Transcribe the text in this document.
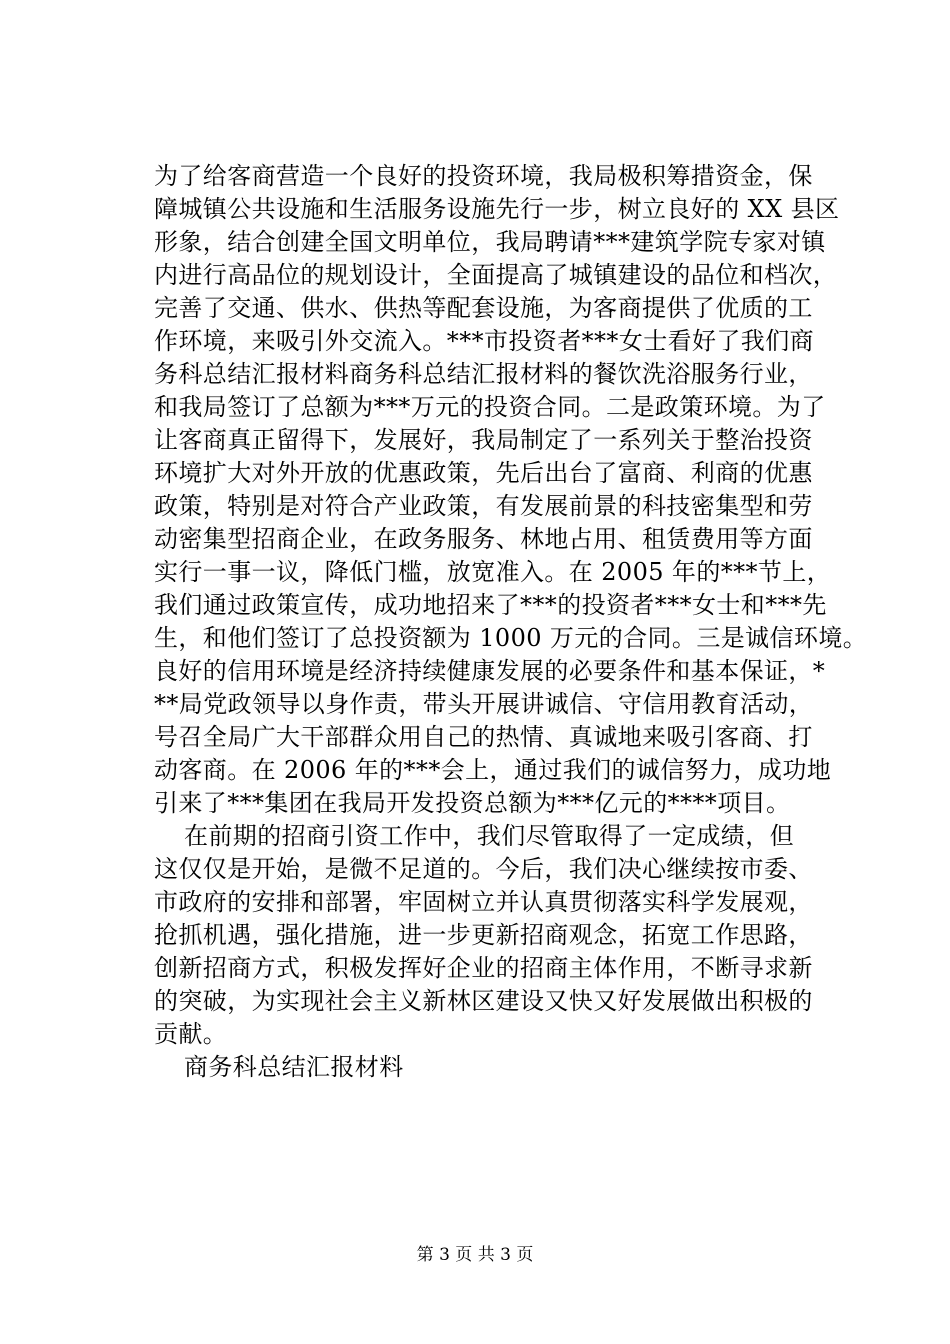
为了给客商营造一个良好的投资环境，我局极积筹措资金，保
障城镇公共设施和生活服务设施先行一步，树立良好的 XX 县区
形象，结合创建全国文明单位，我局聘请***建筑学院专家对镇
内进行高品位的规划设计，全面提高了城镇建设的品位和档次，
完善了交通、供水、供热等配套设施，为客商提供了优质的工
作环境，来吸引外交流入。***市投资者***女士看好了我们商
务科总结汇报材料商务科总结汇报材料的餐饮洗浴服务行业，
和我局签订了总额为***万元的投资合同。二是政策环境。为了
让客商真正留得下，发展好，我局制定了一系列关于整治投资
环境扩大对外开放的优惠政策，先后出台了富商、利商的优惠
政策，特别是对符合产业政策，有发展前景的科技密集型和劳
动密集型招商企业，在政务服务、林地占用、租赁费用等方面
实行一事一议，降低门槛，放宽准入。在 2005 年的***节上，
我们通过政策宣传，成功地招来了***的投资者***女士和***先
生，和他们签订了总投资额为 1000 万元的合同。三是诚信环境。
良好的信用环境是经济持续健康发展的必要条件和基本保证，*
**局党政领导以身作责，带头开展讲诚信、守信用教育活动，
号召全局广大干部群众用自己的热情、真诚地来吸引客商、打
动客商。在 2006 年的***会上，通过我们的诚信努力，成功地
引来了***集团在我局开发投资总额为***亿元的****项目。
在前期的招商引资工作中，我们尽管取得了一定成绩，但
这仅仅是开始，是微不足道的。今后，我们决心继续按市委、
市政府的安排和部署，牢固树立并认真贯彻落实科学发展观，
抢抓机遇，强化措施，进一步更新招商观念，拓宽工作思路，
创新招商方式，积极发挥好企业的招商主体作用，不断寻求新
的突破，为实现社会主义新林区建设又快又好发展做出积极的
贡献。
商务科总结汇报材料
第 3 页 共 3 页
